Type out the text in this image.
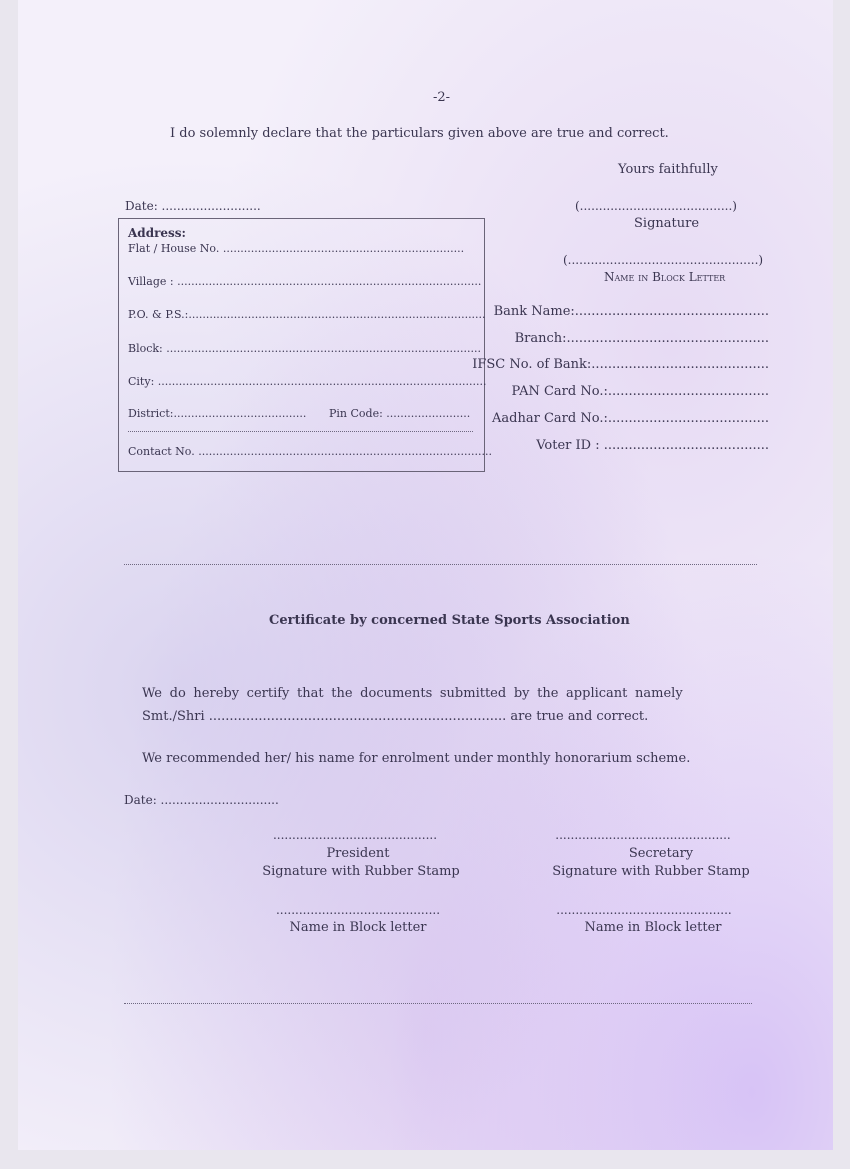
-2-
I do solemnly declare that the particulars given above are true and correct.
Yours faithfully
Date: ..........................	(........................................)
Signature
(..................................................)
Name in Block Letter
Address:
Flat / House No. .....................................................................
Village : .......................................................................................
P.O. & P.S.:.....................................................................................
Block: ..........................................................................................
City: ..............................................................................................
District:...................................... Pin Code: ........................
Contact No. ....................................................................................
Bank Name:...............................................
Branch:.................................................
IFSC No. of Bank:...........................................
PAN Card No.:.......................................
Aadhar Card No.:.......................................
Voter ID : ........................................
Certificate by concerned State Sports Association
We do hereby certify that the documents submitted by the applicant namely
Smt./Shri ........................................................................ are true and correct.
We recommended her/ his name for enrolment under monthly honorarium scheme.
Date: ...............................
...........................................
President
Signature with Rubber Stamp
..............................................
Secretary
Signature with Rubber Stamp
...........................................
Name in Block letter
..............................................
Name in Block letter
